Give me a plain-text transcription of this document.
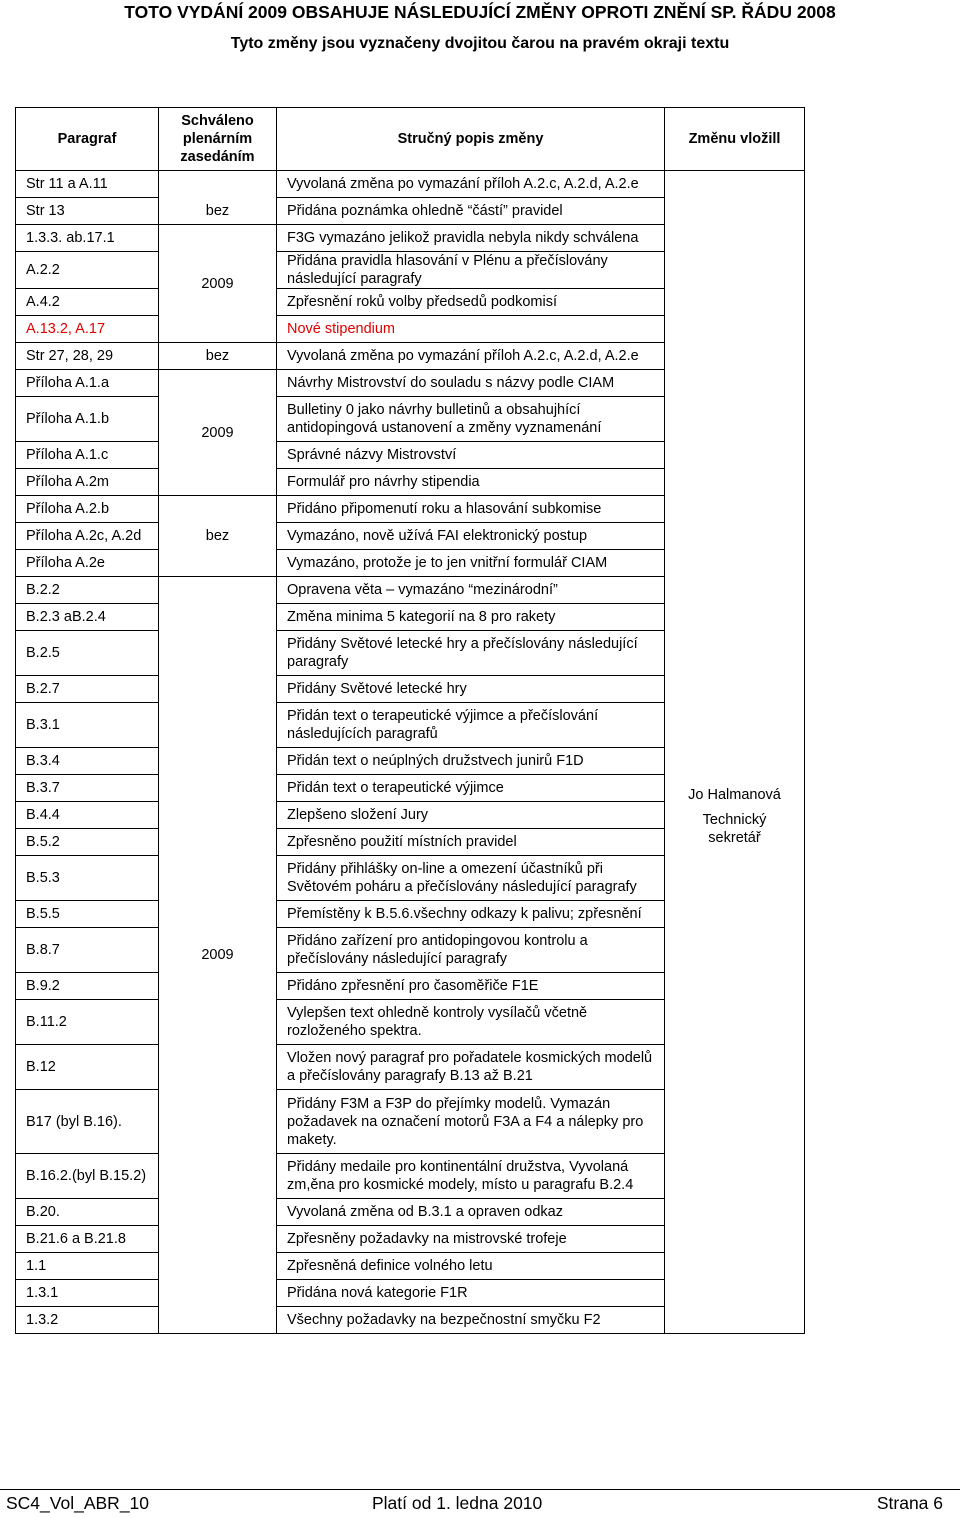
TOTO VYDÁNÍ 2009 OBSAHUJE NÁSLEDUJÍCÍ ZMĚNY OPROTI ZNĚNÍ SP. ŘÁDU 2008
Tyto změny jsou vyznačeny dvojitou čarou na pravém okraji textu
Paragraf	Schváleno plenárním zasedáním	Stručný popis změny	Změnu vložill
Str 11 a A.11	bez	Vyvolaná změna po vymazání příloh A.2.c, A.2.d, A.2.e	Jo Halmanová
Technický sekretář

Str 13		Přidána poznámka ohledně “částí” pravidel	
1.3.3. ab.17.1	2009	F3G vymazáno jelikož pravidla nebyla nikdy schválena	
A.2.2		Přidána pravidla hlasování v Plénu a přečíslovány následující paragrafy	
A.4.2		Zpřesnění roků volby předsedů podkomisí	
A.13.2, A.17		Nové stipendium	
Str 27, 28, 29	bez	Vyvolaná změna po vymazání příloh A.2.c, A.2.d, A.2.e	
Příloha A.1.a	2009	Návrhy Mistrovství do souladu s názvy podle CIAM	
Příloha A.1.b		Bulletiny 0 jako návrhy bulletinů a obsahujhící antidopingová ustanovení a změny vyznamenání	
Příloha A.1.c		Správné názvy Mistrovství	
Příloha A.2m		Formulář pro návrhy stipendia	
Příloha A.2.b	bez	Přidáno připomenutí roku a hlasování subkomise	
Příloha A.2c, A.2d		Vymazáno, nově užívá FAI elektronický postup	
Příloha A.2e		Vymazáno, protože je to jen vnitřní formulář CIAM	
B.2.2	2009	Opravena věta – vymazáno “mezinárodní”	
B.2.3 aB.2.4		Změna minima 5 kategorií na 8 pro rakety	
B.2.5		Přidány Světové letecké hry a přečíslovány následující paragrafy	
B.2.7		Přidány Světové letecké hry	
B.3.1		Přidán text o terapeutické výjimce a přečíslování následujících paragrafů	
B.3.4		Přidán text o neúplných družstvech junirů F1D	
B.3.7		Přidán text o terapeutické výjimce	
B.4.4		Zlepšeno složení Jury	
B.5.2		Zpřesněno použití místních pravidel	
B.5.3		Přidány přihlášky on-line a omezení účastníků při Světovém poháru a přečíslovány následující paragrafy	
B.5.5		Přemístěny k B.5.6.všechny odkazy k palivu; zpřesnění	
B.8.7		Přidáno zařízení pro antidopingovou kontrolu a přečíslovány následující paragrafy	
B.9.2		Přidáno zpřesnění pro časoměřiče F1E	
B.11.2		Vylepšen text ohledně kontroly vysílačů včetně rozloženého spektra.	
B.12		Vložen nový paragraf pro pořadatele kosmických modelů a přečíslovány paragrafy B.13 až B.21	
B17 (byl B.16).		Přidány F3M a F3P do přejímky modelů. Vymazán požadavek na označení motorů F3A a F4 a nálepky pro makety.	
B.16.2.(byl B.15.2)		Přidány medaile pro kontinentální družstva, Vyvolaná zm,ěna pro kosmické modely, místo u paragrafu B.2.4	
B.20.		Vyvolaná změna od B.3.1 a opraven odkaz	
B.21.6 a B.21.8		Zpřesněny požadavky na mistrovské trofeje	
1.1		Zpřesněná definice volného letu	
1.3.1		Přidána nová kategorie F1R	
1.3.2		Všechny požadavky na bezpečnostní smyčku F2	
SC4_Vol_ABR_10	Platí od 1. ledna 2010	Strana 6
